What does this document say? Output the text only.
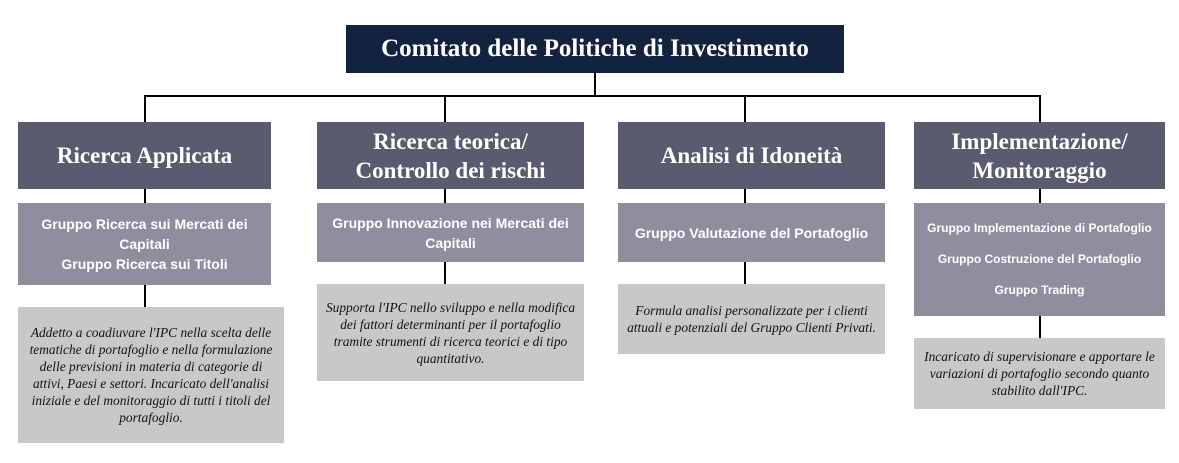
Comitato delle Politiche di Investimento
Ricerca Applicata
Gruppo Ricerca sui Mercati dei Capitali
Gruppo Ricerca sui Titoli
Addetto a coadiuvare l'IPC nella scelta delle tematiche di portafoglio e nella formulazione delle previsioni in materia di categorie di attivi, Paesi e settori. Incaricato dell'analisi iniziale e del monitoraggio di tutti i titoli del portafoglio.
Ricerca teorica/
Controllo dei rischi
Gruppo Innovazione nei Mercati dei Capitali
Supporta l'IPC nello sviluppo e nella modifica dei fattori determinanti per il portafoglio tramite strumenti di ricerca teorici e di tipo quantitativo.
Analisi di Idoneità
Gruppo Valutazione del Portafoglio
Formula analisi personalizzate per i clienti attuali e potenziali del Gruppo Clienti Privati.
Implementazione/
Monitoraggio
Gruppo Implementazione di Portafoglio
Gruppo Costruzione del Portafoglio
Gruppo Trading
Incaricato di supervisionare e apportare le variazioni di portafoglio secondo quanto stabilito dall'IPC.
